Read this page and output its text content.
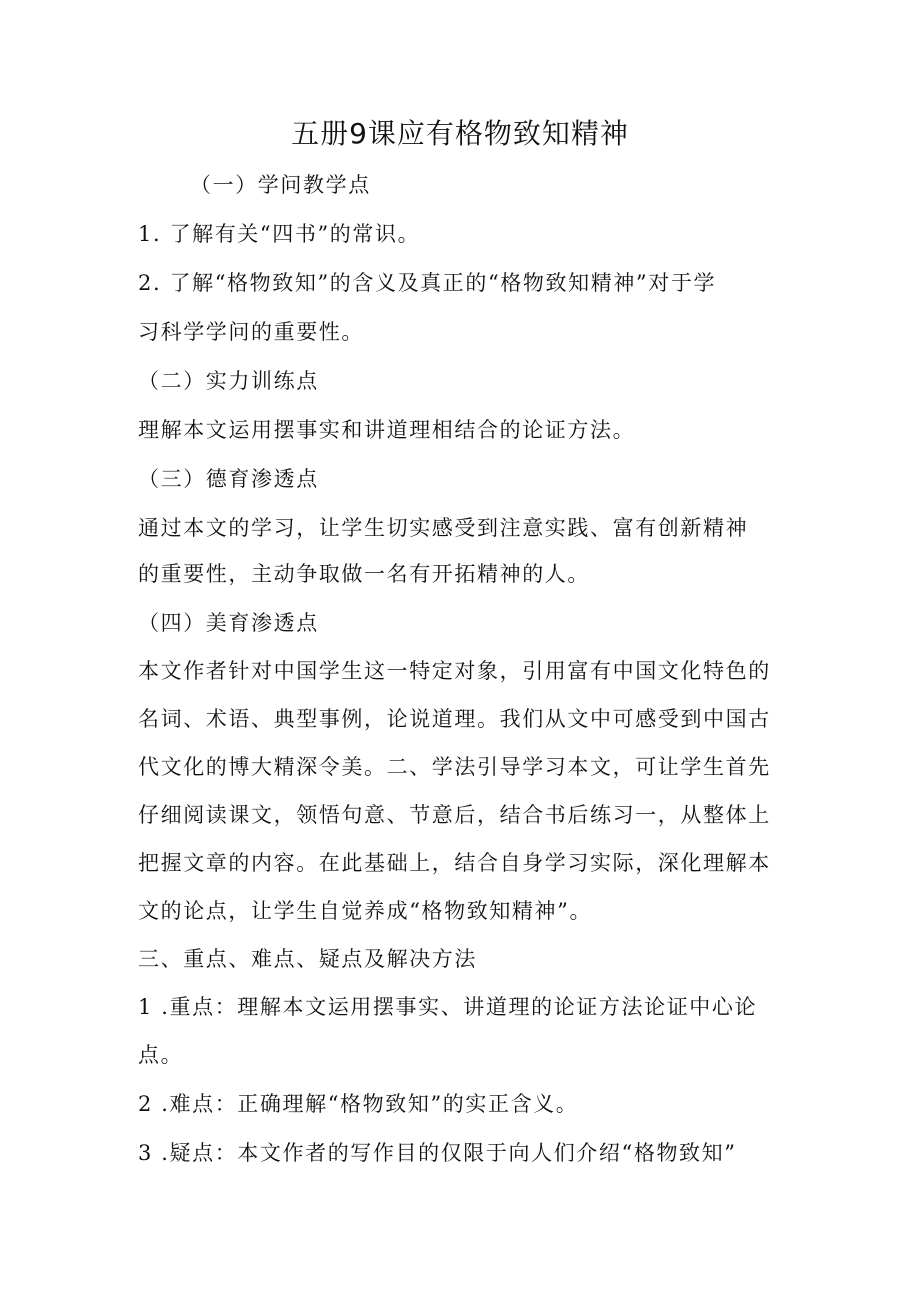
五册9课应有格物致知精神
（一）学问教学点
1. 了解有关“四书”的常识。
2. 了解“格物致知”的含义及真正的“格物致知精神”对于学
习科学学问的重要性。
（二）实力训练点
理解本文运用摆事实和讲道理相结合的论证方法。
（三）德育渗透点
通过本文的学习，让学生切实感受到注意实践、富有创新精神
的重要性，主动争取做一名有开拓精神的人。
（四）美育渗透点
本文作者针对中国学生这一特定对象，引用富有中国文化特色的
名词、术语、典型事例，论说道理。我们从文中可感受到中国古
代文化的博大精深令美。二、学法引导学习本文，可让学生首先
仔细阅读课文，领悟句意、节意后，结合书后练习一，从整体上
把握文章的内容。在此基础上，结合自身学习实际，深化理解本
文的论点，让学生自觉养成“格物致知精神”。
三、重点、难点、疑点及解决方法
1 .重点：理解本文运用摆事实、讲道理的论证方法论证中心论
点。
2 .难点：正确理解“格物致知”的实正含义。
3 .疑点：本文作者的写作目的仅限于向人们介绍“格物致知”
